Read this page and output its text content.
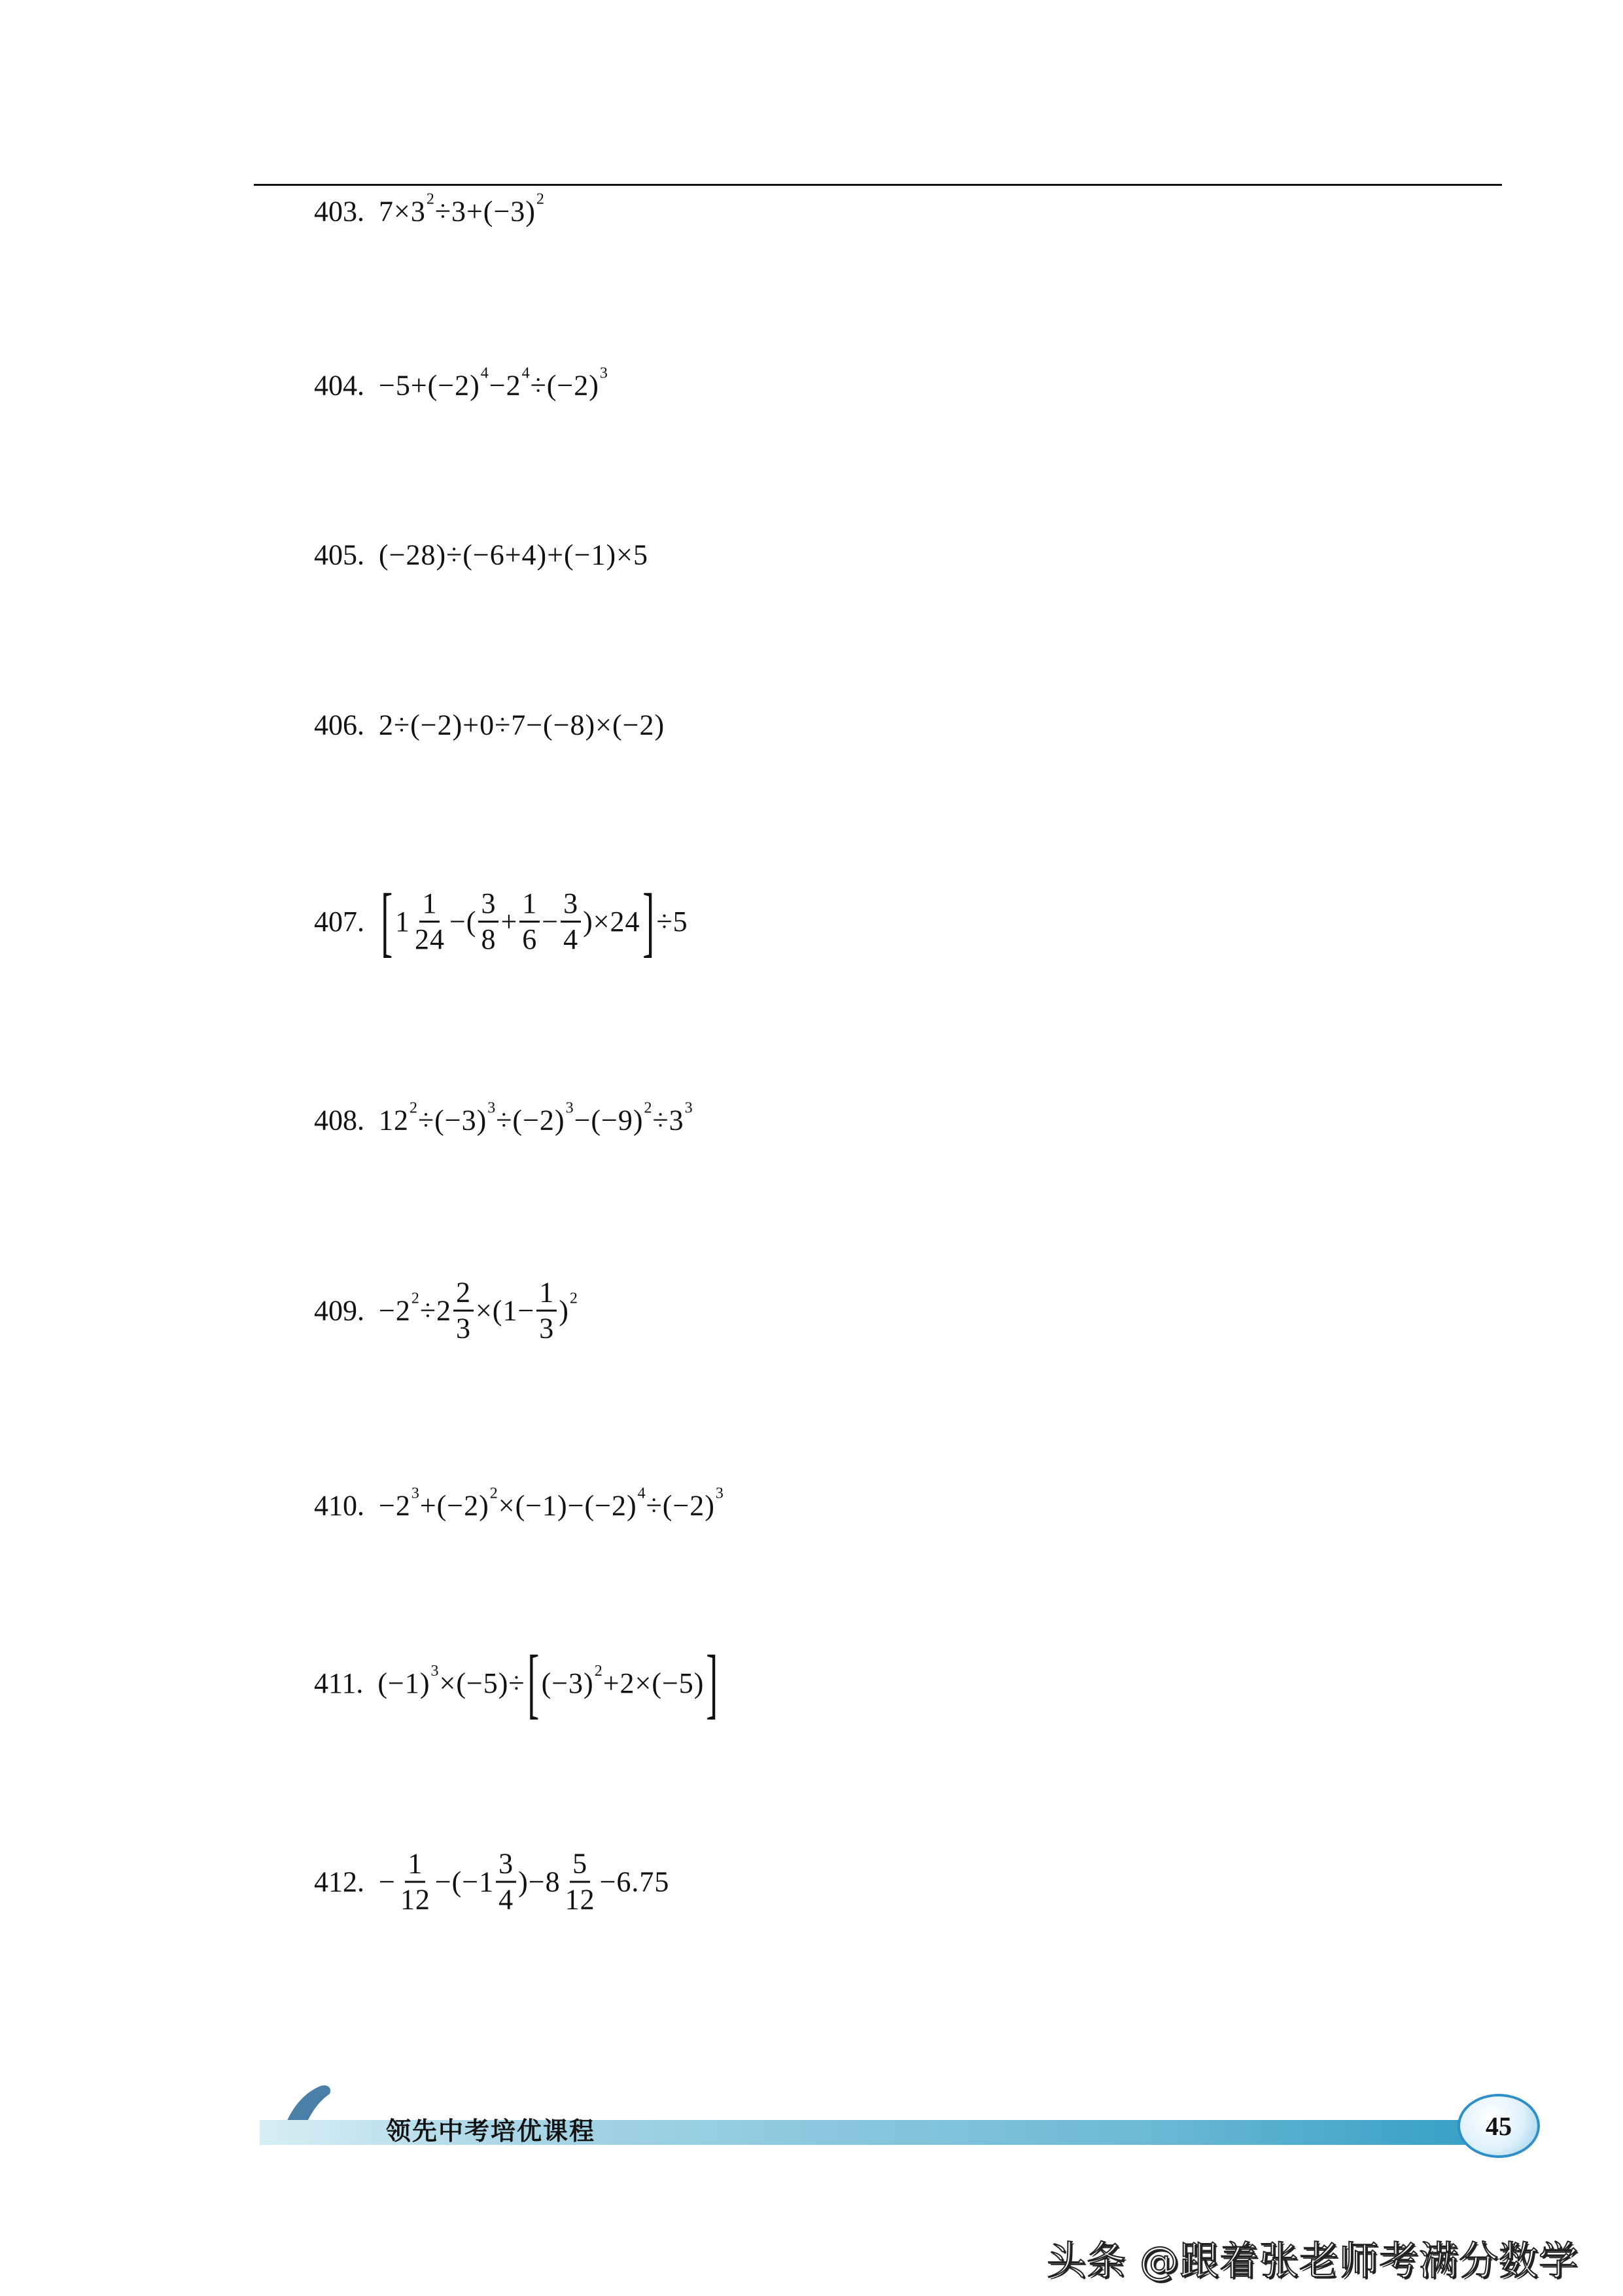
403. 7×3 2 ÷3+(−3) 2
404. −5+(−2) 4 −2 4 ÷(−2) 3
405. (−28)÷(−6+4)+(−1)×5
406. 2÷(−2)+0÷7−(−8)×(−2)
407. [ $1 \frac{1}{24}$ −( $\frac{3}{8} + \frac{1}{6} - \frac{3}{4} )\times 24$ ] ÷5
408. 12 2 ÷(−3) 3 ÷(−2) 3 −(−9) 2 ÷3 3
409. −2 $2 \div 2 \frac{2}{3} \times(1- \frac{1}{3}$ ) 2
410. −2 3 +(−2) 2 ×(−1)−(−2) 4 ÷(−2) 3
411. (−1) 3 ×(−5)÷ [ (−3) 2 +2×(−5) ]
412. − $\frac{1}{12} -(-1 \frac{3}{4} )-8 \frac{5}{12} -6.75$
领先中考培优课程	45
头条 @跟着张老师考满分数学
